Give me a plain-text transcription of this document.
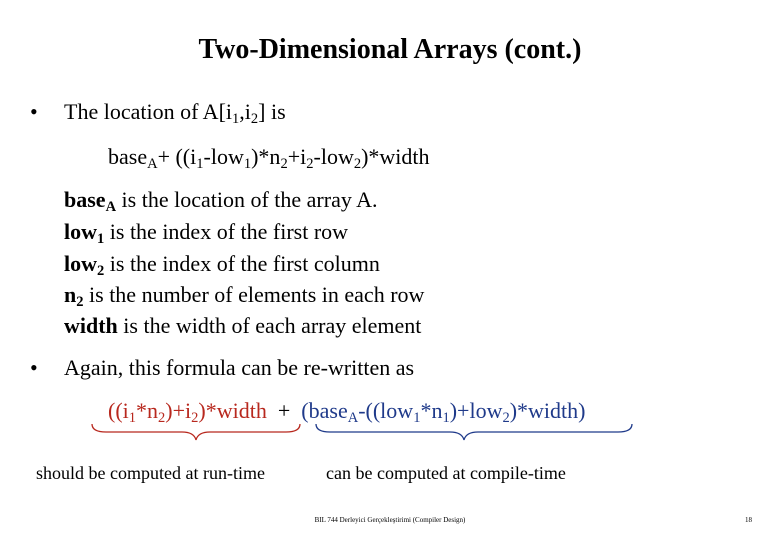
Two-Dimensional Arrays (cont.)
• The location of $A[i_1,i_2]$ is
base$_A$+ $((i_1-low_1)*n_2+i_2-low_2)*width$
base$_A$ is the location of the array A.
low$_1$ is the index of the first row
low$_2$ is the index of the first column
$n_2$ is the number of elements in each row
width is the width of each array element
• Again, this formula can be re-written as
$((i_1*n_2)+i_2)*width$ + $(base_A-((low_1*n_1)+low_2)*width)$
should be computed at run-time	can be computed at compile-time
BIL 744 Derleyici Gerçekleştirimi (Compiler Design)	18
